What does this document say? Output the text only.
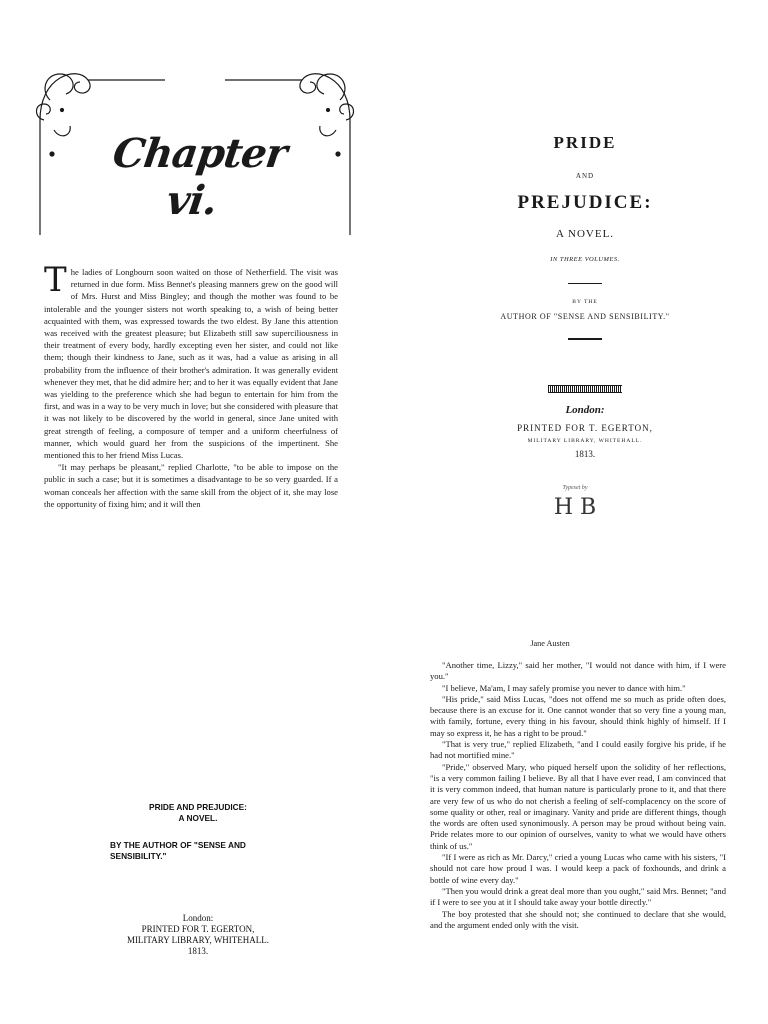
Chapter vi.

The ladies of Longbourn soon waited on those of Netherfield. The visit was returned in due form. Miss Bennet's pleasing manners grew on the good will of Mrs. Hurst and Miss Bingley; and though the mother was found to be intolerable and the younger sisters not worth speaking to, a wish of being better acquainted with them, was expressed towards the two eldest. By Jane this attention was received with the greatest pleasure; but Elizabeth still saw superciliousness in their treatment of every body, hardly excepting even her sister, and could not like them; though their kindness to Jane, such as it was, had a value as arising in all probability from the influence of their brother's admiration. It was generally evident whenever they met, that he did admire her; and to her it was equally evident that Jane was yielding to the preference which she had begun to entertain for him from the first, and was in a way to be very much in love; but she considered with pleasure that it was not likely to be discovered by the world in general, since Jane united with great strength of feeling, a composure of temper and a uniform cheerfulness of manner, which would guard her from the suspicions of the impertinent. She mentioned this to her friend Miss Lucas.

"It may perhaps be pleasant," replied Charlotte, "to be able to impose on the public in such a case; but it is sometimes a disadvantage to be so very guarded. If a woman conceals her affection with the same skill from the object of it, she may lose the opportunity of fixing him; and it will then

PRIDE
AND
PREJUDICE:
A NOVEL.
IN THREE VOLUMES.
BY THE
AUTHOR OF "SENSE AND SENSIBILITY."
London:
PRINTED FOR T. EGERTON,
MILITARY LIBRARY, WHITEHALL.
1813.
Typeset by
H B
PRIDE AND PREJUDICE:
A NOVEL.
BY THE AUTHOR OF "SENSE AND
SENSIBILITY."
London:
PRINTED FOR T. EGERTON,
MILITARY LIBRARY, WHITEHALL.
1813.
Jane Austen

"Another time, Lizzy," said her mother, "I would not dance with him, if I were you."

"I believe, Ma'am, I may safely promise you never to dance with him."

"His pride," said Miss Lucas, "does not offend me so much as pride often does, because there is an excuse for it. One cannot wonder that so very fine a young man, with family, fortune, every thing in his favour, should think highly of himself. If I may so express it, he has a right to be proud."

"That is very true," replied Elizabeth, "and I could easily forgive his pride, if he had not mortified mine."

"Pride," observed Mary, who piqued herself upon the solidity of her reflections, "is a very common failing I believe. By all that I have ever read, I am convinced that it is very common indeed, that human nature is particularly prone to it, and that there are very few of us who do not cherish a feeling of self-complacency on the score of some quality or other, real or imaginary. Vanity and pride are different things, though the words are often used synonimously. A person may be proud without being vain. Pride relates more to our opinion of ourselves, vanity to what we would have others think of us."

"If I were as rich as Mr. Darcy," cried a young Lucas who came with his sisters, "I should not care how proud I was. I would keep a pack of foxhounds, and drink a bottle of wine every day."

"Then you would drink a great deal more than you ought," said Mrs. Bennet; "and if I were to see you at it I should take away your bottle directly."

The boy protested that she should not; she continued to declare that she would, and the argument ended only with the visit.
